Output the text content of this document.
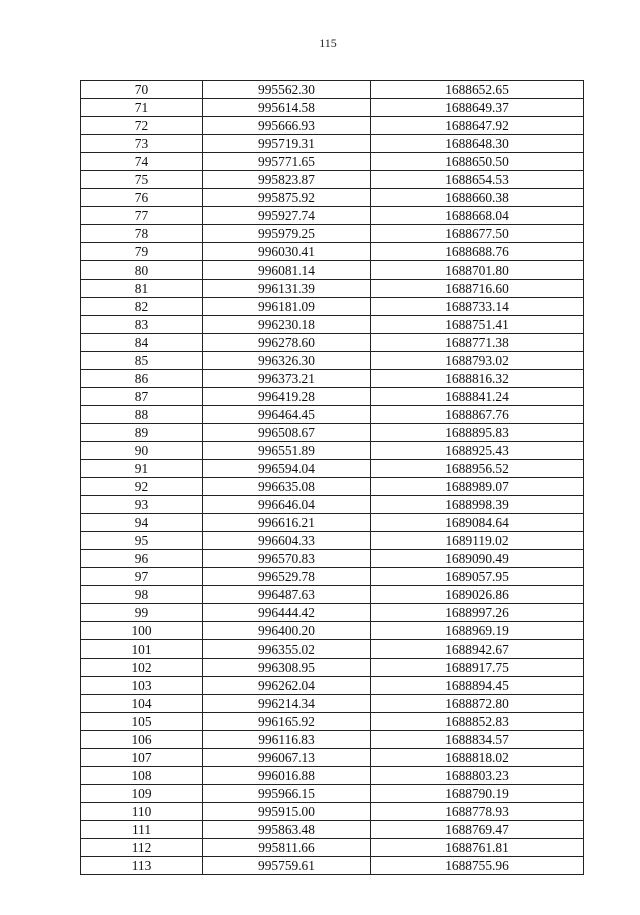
115
70	995562.30	1688652.65
71	995614.58	1688649.37
72	995666.93	1688647.92
73	995719.31	1688648.30
74	995771.65	1688650.50
75	995823.87	1688654.53
76	995875.92	1688660.38
77	995927.74	1688668.04
78	995979.25	1688677.50
79	996030.41	1688688.76
80	996081.14	1688701.80
81	996131.39	1688716.60
82	996181.09	1688733.14
83	996230.18	1688751.41
84	996278.60	1688771.38
85	996326.30	1688793.02
86	996373.21	1688816.32
87	996419.28	1688841.24
88	996464.45	1688867.76
89	996508.67	1688895.83
90	996551.89	1688925.43
91	996594.04	1688956.52
92	996635.08	1688989.07
93	996646.04	1688998.39
94	996616.21	1689084.64
95	996604.33	1689119.02
96	996570.83	1689090.49
97	996529.78	1689057.95
98	996487.63	1689026.86
99	996444.42	1688997.26
100	996400.20	1688969.19
101	996355.02	1688942.67
102	996308.95	1688917.75
103	996262.04	1688894.45
104	996214.34	1688872.80
105	996165.92	1688852.83
106	996116.83	1688834.57
107	996067.13	1688818.02
108	996016.88	1688803.23
109	995966.15	1688790.19
110	995915.00	1688778.93
111	995863.48	1688769.47
112	995811.66	1688761.81
113	995759.61	1688755.96
